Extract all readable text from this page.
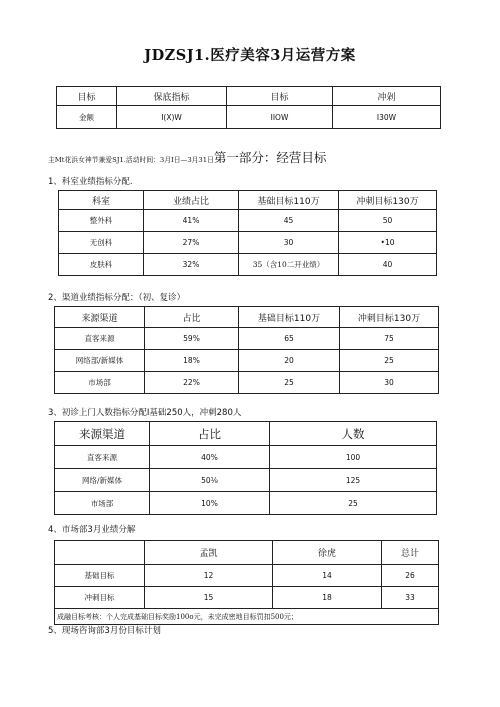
JDZSJ1.医疗美容3月运营方案
目标	保底指标	目标	冲剁
金额	I(X)W	IIOW	I30W
主Mt花浜女神节兼爱SJ1.活动时间：3月I日—3月31日第一部分：经营目标
1、科室业绩指标分配.
科室	业绩占比	基础目标110万	冲刺目标130万
整外科	41%	45	50
无创科	27%	30	•10
皮肤科	32%	35（含10二开业绩）	40
2、渠道业绩指标分配：（初、复诊）
来源渠道	占比	基础目标110万	冲刺目标130万
直客来源	59%	65	75
网络部/新媒体	18%	20	25
市场部	22%	25	30
3、初诊上门人数指标分配I基础250人，冲刺280人
来源渠道	占比	人数
直客来源	40%	100
网络/新媒体	50⅛	125
市场部	10%	25
4、市场部3月业绩分解
	孟凯	徐虎	总计
基础目标	12	14	26
冲刺目标	15	18	33
成融目标考核：个人完成基础目标奖励100o元，未完成密地目标罚扣500元；			
5、现场咨询部3月份目标计划
